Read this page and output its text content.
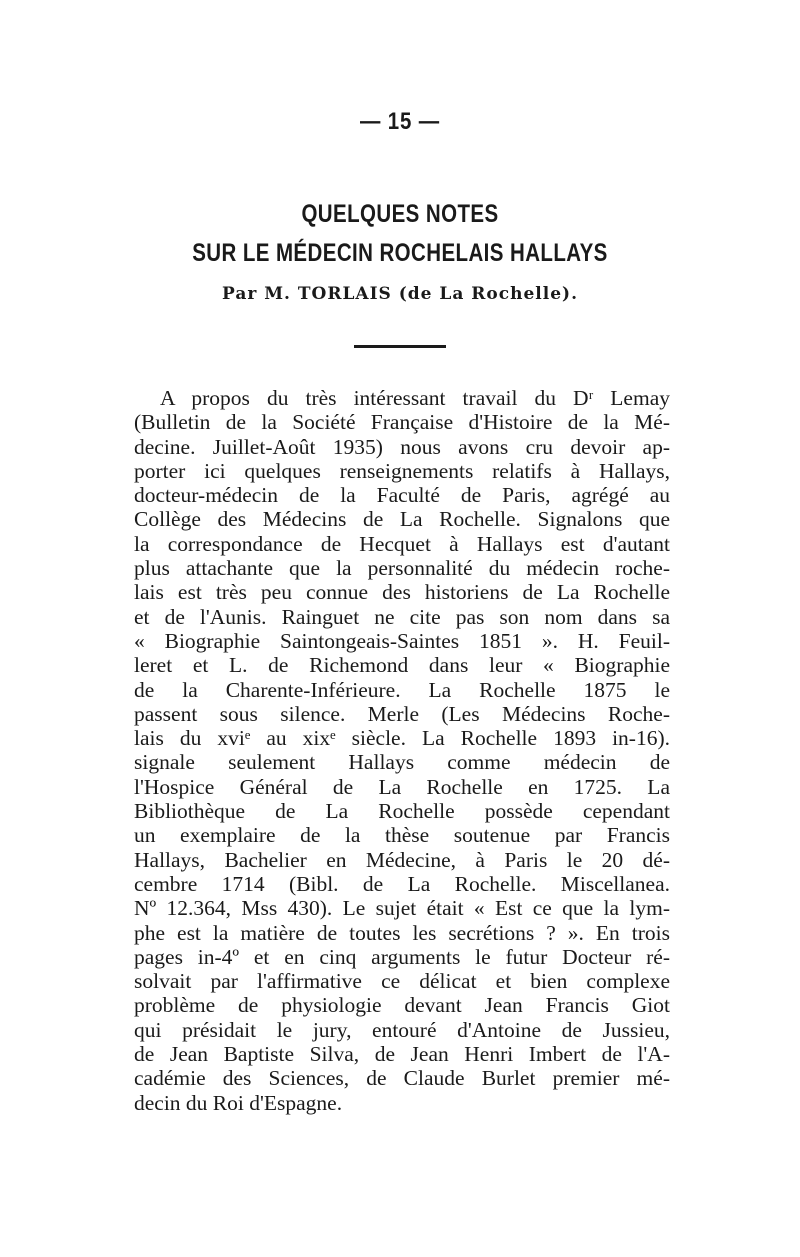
— 15 —
QUELQUES NOTES
SUR LE MÉDECIN ROCHELAIS HALLAYS
Par M. TORLAIS (de La Rochelle).
A propos du très intéressant travail du Dʳ Lemay
(Bulletin de la Société Française d'Histoire de la Mé-
decine. Juillet-Août 1935) nous avons cru devoir ap-
porter ici quelques renseignements relatifs à Hallays,
docteur-médecin de la Faculté de Paris, agrégé au
Collège des Médecins de La Rochelle. Signalons que
la correspondance de Hecquet à Hallays est d'autant
plus attachante que la personnalité du médecin roche-
lais est très peu connue des historiens de La Rochelle
et de l'Aunis. Rainguet ne cite pas son nom dans sa
« Biographie Saintongeais-Saintes 1851 ». H. Feuil-
leret et L. de Richemond dans leur « Biographie
de la Charente-Inférieure. La Rochelle 1875 le
passent sous silence. Merle (Les Médecins Roche-
lais du xviᵉ au xixᵉ siècle. La Rochelle 1893 in-16).
signale seulement Hallays comme médecin de
l'Hospice Général de La Rochelle en 1725. La
Bibliothèque de La Rochelle possède cependant
un exemplaire de la thèse soutenue par Francis
Hallays, Bachelier en Médecine, à Paris le 20 dé-
cembre 1714 (Bibl. de La Rochelle. Miscellanea.
Nº 12.364, Mss 430). Le sujet était « Est ce que la lym-
phe est la matière de toutes les secrétions ? ». En trois
pages in-4º et en cinq arguments le futur Docteur ré-
solvait par l'affirmative ce délicat et bien complexe
problème de physiologie devant Jean Francis Giot
qui présidait le jury, entouré d'Antoine de Jussieu,
de Jean Baptiste Silva, de Jean Henri Imbert de l'A-
cadémie des Sciences, de Claude Burlet premier mé-
decin du Roi d'Espagne.
